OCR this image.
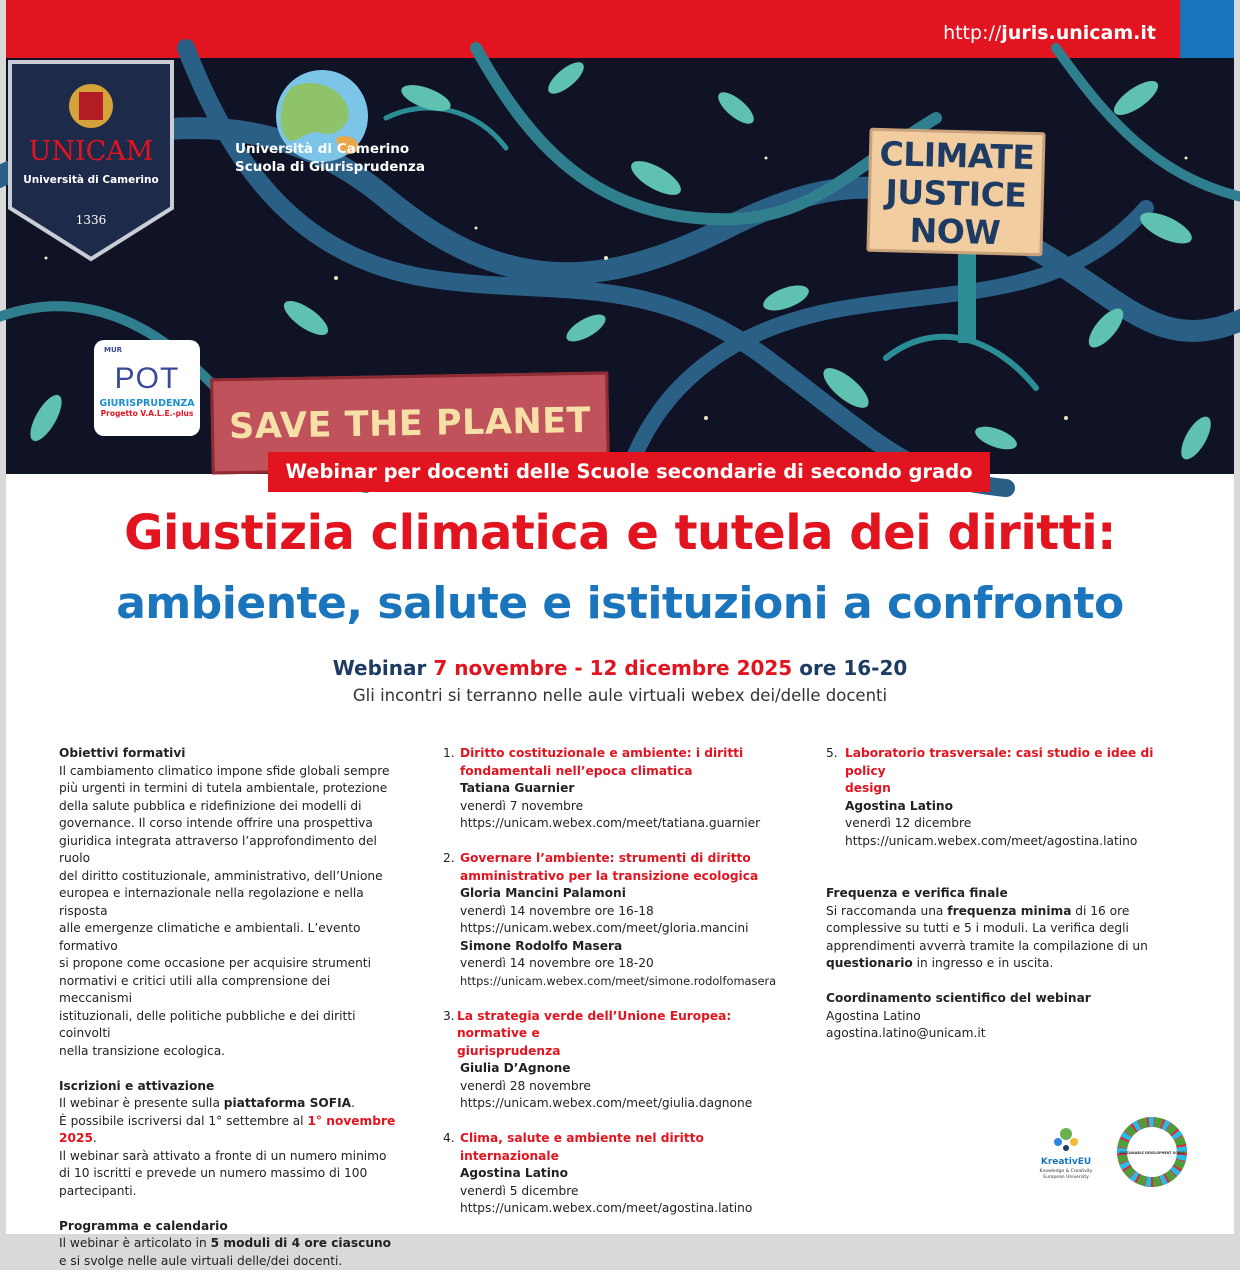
http://juris.unicam.it
UNICAM
Università di Camerino
1336
Università di Camerino
Scuola di Giurisprudenza
MUR
POT
GIURISPRUDENZA
Progetto V.A.L.E.-plus
CLIMATE
JUSTICE
NOW
SAVE THE PLANET
Webinar per docenti delle Scuole secondarie di secondo grado
Giustizia climatica e tutela dei diritti:
ambiente, salute e istituzioni a confronto
Webinar 7 novembre - 12 dicembre 2025 ore 16-20
Gli incontri si terranno nelle aule virtuali webex dei/delle docenti
Obiettivi formativi
Il cambiamento climatico impone sfide globali sempre
più urgenti in termini di tutela ambientale, protezione
della salute pubblica e ridefinizione dei modelli di
governance. Il corso intende offrire una prospettiva
giuridica integrata attraverso l’approfondimento del ruolo
del diritto costituzionale, amministrativo, dell’Unione
europea e internazionale nella regolazione e nella risposta
alle emergenze climatiche e ambientali. L’evento formativo
si propone come occasione per acquisire strumenti
normativi e critici utili alla comprensione dei meccanismi
istituzionali, delle politiche pubbliche e dei diritti coinvolti
nella transizione ecologica.
Iscrizioni e attivazione
Il webinar è presente sulla piattaforma SOFIA.
È possibile iscriversi dal 1° settembre al 1° novembre
2025.
Il webinar sarà attivato a fronte di un numero minimo
di 10 iscritti e prevede un numero massimo di 100
partecipanti.
Programma e calendario
Il webinar è articolato in 5 moduli di 4 ore ciascuno
e si svolge nelle aule virtuali delle/dei docenti.
1. Diritto costituzionale e ambiente: i diritti
fondamentali nell’epoca climatica
Tatiana Guarnier
venerdì 7 novembre
https://unicam.webex.com/meet/tatiana.guarnier
2. Governare l’ambiente: strumenti di diritto
amministrativo per la transizione ecologica
Gloria Mancini Palamoni
venerdì 14 novembre ore 16-18
https://unicam.webex.com/meet/gloria.mancini
Simone Rodolfo Masera
venerdì 14 novembre ore 18-20
https://unicam.webex.com/meet/simone.rodolfomasera
3. La strategia verde dell’Unione Europea: normative e
giurisprudenza
Giulia D’Agnone
venerdì 28 novembre
https://unicam.webex.com/meet/giulia.dagnone
4. Clima, salute e ambiente nel diritto internazionale
Agostina Latino
venerdì 5 dicembre
https://unicam.webex.com/meet/agostina.latino
5. Laboratorio trasversale: casi studio e idee di policy
design
Agostina Latino
venerdì 12 dicembre
https://unicam.webex.com/meet/agostina.latino
Frequenza e verifica finale
Si raccomanda una frequenza minima di 16 ore
complessive su tutti e 5 i moduli. La verifica degli
apprendimenti avverrà tramite la compilazione di un
questionario in ingresso e in uscita.
Coordinamento scientifico del webinar
Agostina Latino
agostina.latino@unicam.it
KreativEU
Knowledge & Creativity
European University
SUSTAINABLE DEVELOPMENT GOALS
